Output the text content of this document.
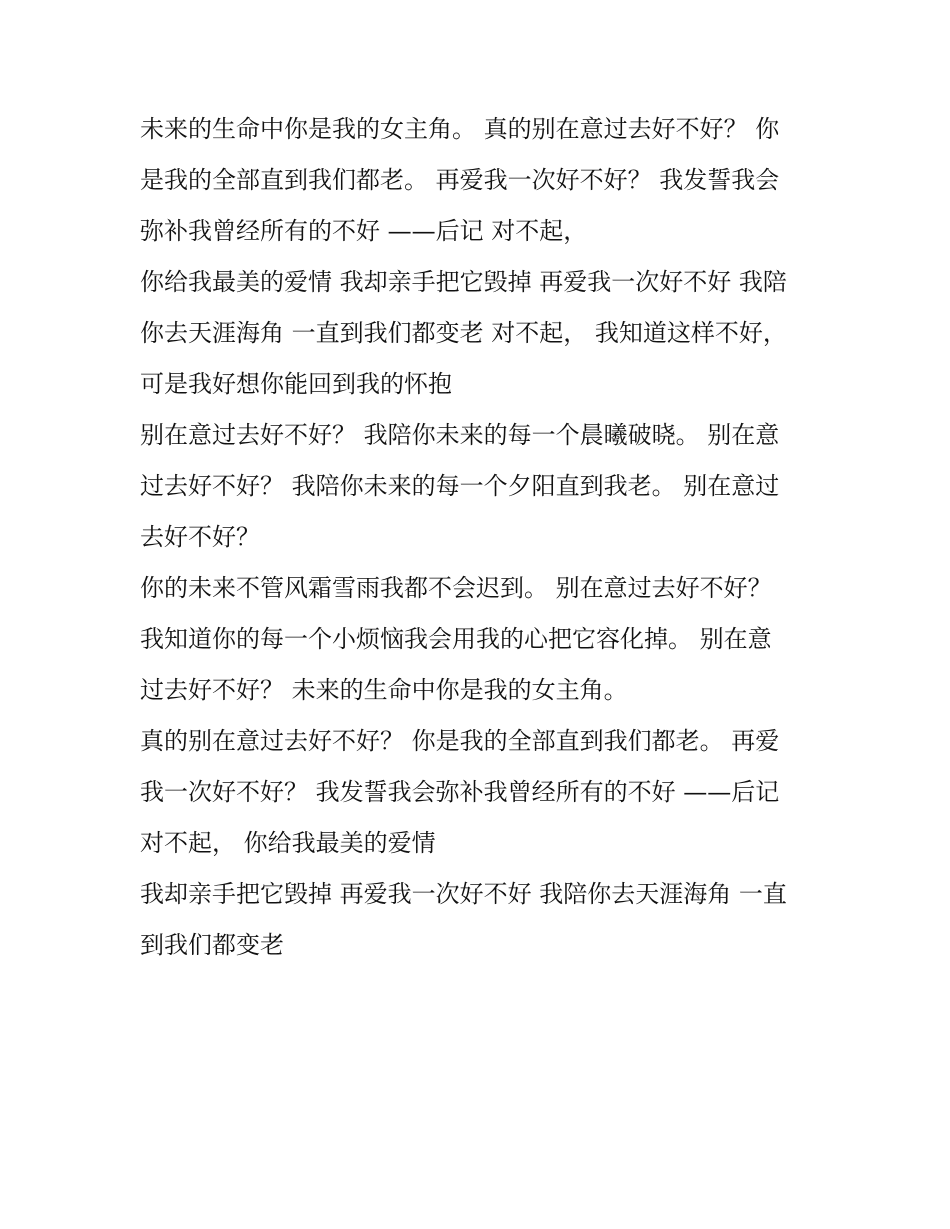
未来的生命中你是我的女主角。 真的别在意过去好不好？ 你
是我的全部直到我们都老。 再爱我一次好不好？ 我发誓我会
弥补我曾经所有的不好 ——后记 对不起，
你给我最美的爱情 我却亲手把它毁掉 再爱我一次好不好 我陪
你去天涯海角 一直到我们都变老 对不起， 我知道这样不好，
可是我好想你能回到我的怀抱
别在意过去好不好？ 我陪你未来的每一个晨曦破晓。 别在意
过去好不好？ 我陪你未来的每一个夕阳直到我老。 别在意过
去好不好？
你的未来不管风霜雪雨我都不会迟到。 别在意过去好不好？
我知道你的每一个小烦恼我会用我的心把它容化掉。 别在意
过去好不好？ 未来的生命中你是我的女主角。
真的别在意过去好不好？ 你是我的全部直到我们都老。 再爱
我一次好不好？ 我发誓我会弥补我曾经所有的不好 ——后记
对不起， 你给我最美的爱情
我却亲手把它毁掉 再爱我一次好不好 我陪你去天涯海角 一直
到我们都变老
